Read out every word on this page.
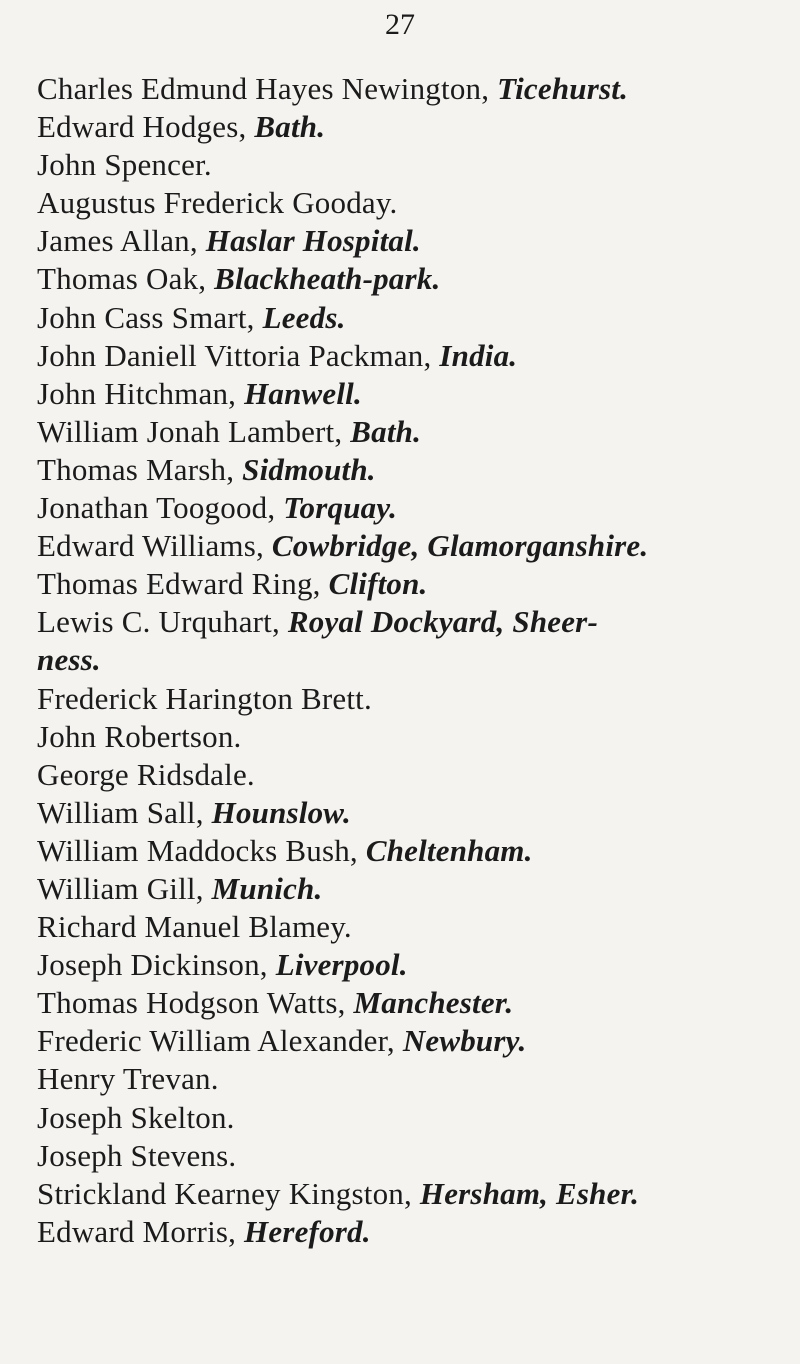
27
Charles Edmund Hayes Newington, Ticehurst.
Edward Hodges, Bath.
John Spencer.
Augustus Frederick Gooday.
James Allan, Haslar Hospital.
Thomas Oak, Blackheath-park.
John Cass Smart, Leeds.
John Daniell Vittoria Packman, India.
John Hitchman, Hanwell.
William Jonah Lambert, Bath.
Thomas Marsh, Sidmouth.
Jonathan Toogood, Torquay.
Edward Williams, Cowbridge, Glamorganshire.
Thomas Edward Ring, Clifton.
Lewis C. Urquhart, Royal Dockyard, Sheer-
ness.
Frederick Harington Brett.
John Robertson.
George Ridsdale.
William Sall, Hounslow.
William Maddocks Bush, Cheltenham.
William Gill, Munich.
Richard Manuel Blamey.
Joseph Dickinson, Liverpool.
Thomas Hodgson Watts, Manchester.
Frederic William Alexander, Newbury.
Henry Trevan.
Joseph Skelton.
Joseph Stevens.
Strickland Kearney Kingston, Hersham, Esher.
Edward Morris, Hereford.
